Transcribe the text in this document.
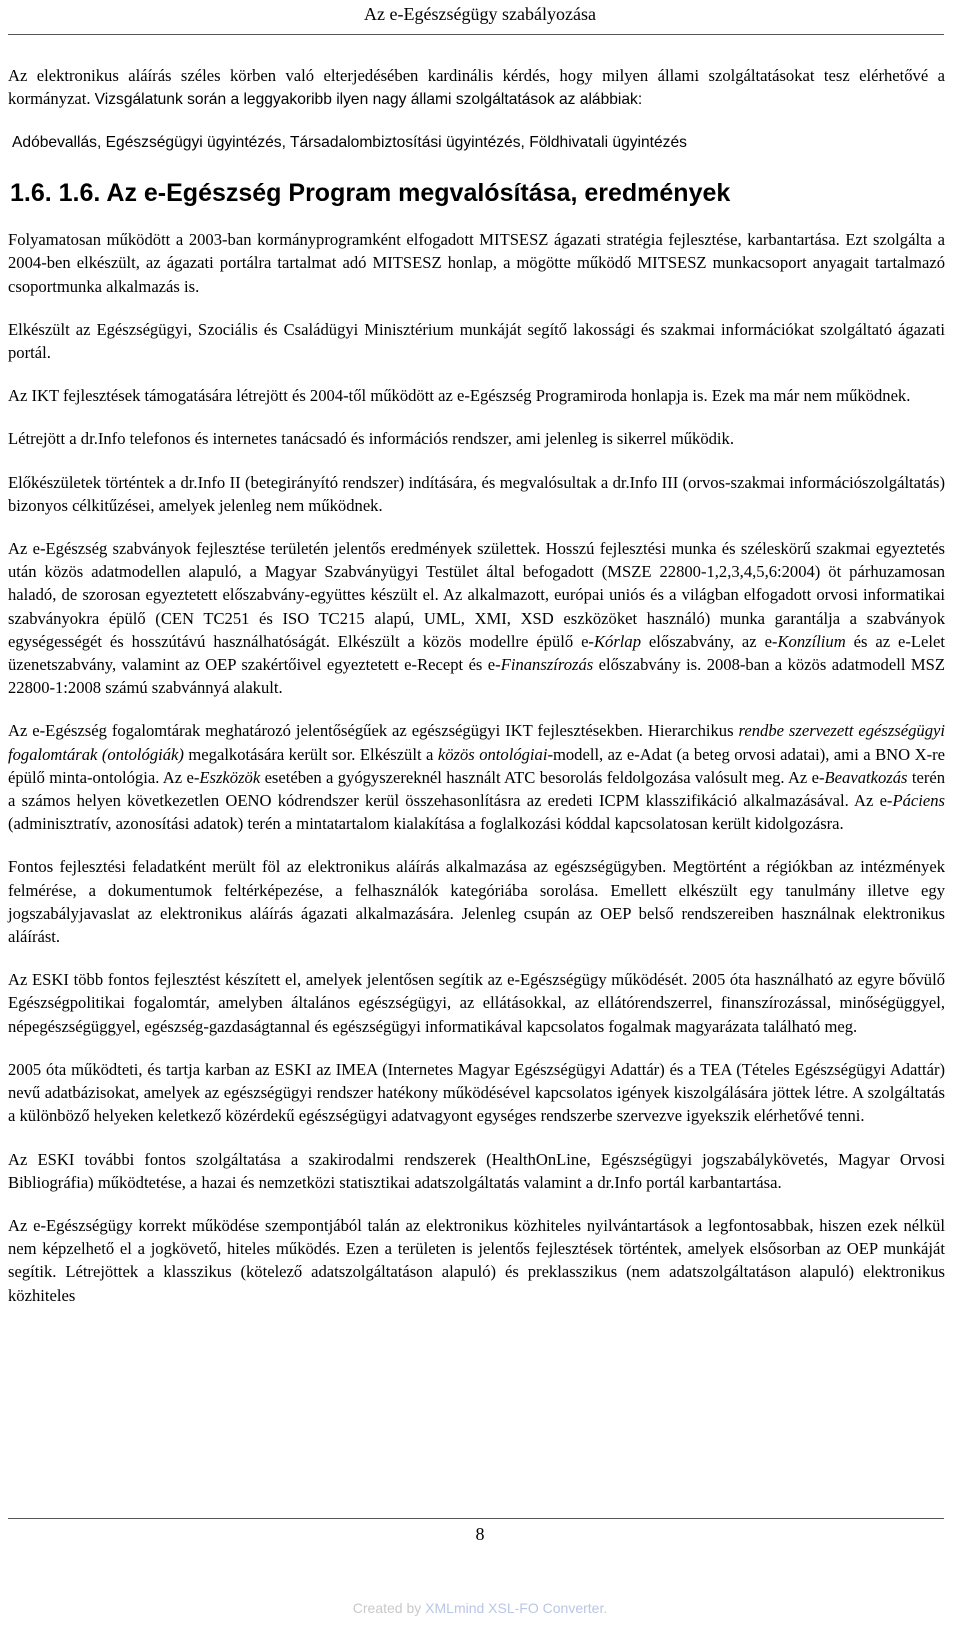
Az e-Egészségügy szabályozása

Az elektronikus aláírás széles körben való elterjedésében kardinális kérdés, hogy milyen állami szolgáltatásokat tesz elérhetővé a kormányzat. Vizsgálatunk során a leggyakoribb ilyen nagy állami szolgáltatások az alábbiak:

Adóbevallás, Egészségügyi ügyintézés, Társadalombiztosítási ügyintézés, Földhivatali ügyintézés

1.6. 1.6. Az e-Egészség Program megvalósítása, eredmények

Folyamatosan működött a 2003-ban kormányprogramként elfogadott MITSESZ ágazati stratégia fejlesztése, karbantartása. Ezt szolgálta a 2004-ben elkészült, az ágazati portálra tartalmat adó MITSESZ honlap, a mögötte működő MITSESZ munkacsoport anyagait tartalmazó csoportmunka alkalmazás is.

Elkészült az Egészségügyi, Szociális és Családügyi Minisztérium munkáját segítő lakossági és szakmai információkat szolgáltató ágazati portál.

Az IKT fejlesztések támogatására létrejött és 2004-től működött az e-Egészség Programiroda honlapja is. Ezek ma már nem működnek.

Létrejött a dr.Info telefonos és internetes tanácsadó és információs rendszer, ami jelenleg is sikerrel működik.

Előkészületek történtek a dr.Info II (betegirányító rendszer) indítására, és megvalósultak a dr.Info III (orvos-szakmai információszolgáltatás) bizonyos célkitűzései, amelyek jelenleg nem működnek.

Az e-Egészség szabványok fejlesztése területén jelentős eredmények születtek. Hosszú fejlesztési munka és széleskörű szakmai egyeztetés után közös adatmodellen alapuló, a Magyar Szabványügyi Testület által befogadott (MSZE 22800-1,2,3,4,5,6:2004) öt párhuzamosan haladó, de szorosan egyeztetett előszabvány-együttes készült el. Az alkalmazott, európai uniós és a világban elfogadott orvosi informatikai szabványokra épülő (CEN TC251 és ISO TC215 alapú, UML, XMI, XSD eszközöket használó) munka garantálja a szabványok egységességét és hosszútávú használhatóságát. Elkészült a közös modellre épülő e-Kórlap előszabvány, az e-Konzílium és az e-Lelet üzenetszabvány, valamint az OEP szakértőivel egyeztetett e-Recept és e-Finanszírozás előszabvány is. 2008-ban a közös adatmodell MSZ 22800-1:2008 számú szabvánnyá alakult.

Az e-Egészség fogalomtárak meghatározó jelentőségűek az egészségügyi IKT fejlesztésekben. Hierarchikus rendbe szervezett egészségügyi fogalomtárak (ontológiák) megalkotására került sor. Elkészült a közös ontológiai-modell, az e-Adat (a beteg orvosi adatai), ami a BNO X-re épülő minta-ontológia. Az e-Eszközök esetében a gyógyszereknél használt ATC besorolás feldolgozása valósult meg. Az e-Beavatkozás terén a számos helyen következetlen OENO kódrendszer kerül összehasonlításra az eredeti ICPM klasszifikáció alkalmazásával. Az e-Páciens (adminisztratív, azonosítási adatok) terén a mintatartalom kialakítása a foglalkozási kóddal kapcsolatosan került kidolgozásra.

Fontos fejlesztési feladatként merült föl az elektronikus aláírás alkalmazása az egészségügyben. Megtörtént a régiókban az intézmények felmérése, a dokumentumok feltérképezése, a felhasználók kategóriába sorolása. Emellett elkészült egy tanulmány illetve egy jogszabályjavaslat az elektronikus aláírás ágazati alkalmazására. Jelenleg csupán az OEP belső rendszereiben használnak elektronikus aláírást.

Az ESKI több fontos fejlesztést készített el, amelyek jelentősen segítik az e-Egészségügy működését. 2005 óta használható az egyre bővülő Egészségpolitikai fogalomtár, amelyben általános egészségügyi, az ellátásokkal, az ellátórendszerrel, finanszírozással, minőségüggyel, népegészségüggyel, egészség-gazdaságtannal és egészségügyi informatikával kapcsolatos fogalmak magyarázata található meg.

2005 óta működteti, és tartja karban az ESKI az IMEA (Internetes Magyar Egészségügyi Adattár) és a TEA (Tételes Egészségügyi Adattár) nevű adatbázisokat, amelyek az egészségügyi rendszer hatékony működésével kapcsolatos igények kiszolgálására jöttek létre. A szolgáltatás a különböző helyeken keletkező közérdekű egészségügyi adatvagyont egységes rendszerbe szervezve igyekszik elérhetővé tenni.

Az ESKI további fontos szolgáltatása a szakirodalmi rendszerek (HealthOnLine, Egészségügyi jogszabálykövetés, Magyar Orvosi Bibliográfia) működtetése, a hazai és nemzetközi statisztikai adatszolgáltatás valamint a dr.Info portál karbantartása.

Az e-Egészségügy korrekt működése szempontjából talán az elektronikus közhiteles nyilvántartások a legfontosabbak, hiszen ezek nélkül nem képzelhető el a jogkövető, hiteles működés. Ezen a területen is jelentős fejlesztések történtek, amelyek elsősorban az OEP munkáját segítik. Létrejöttek a klasszikus (kötelező adatszolgáltatáson alapuló) és preklasszikus (nem adatszolgáltatáson alapuló) elektronikus közhiteles

8
Created by XMLmind XSL-FO Converter.
